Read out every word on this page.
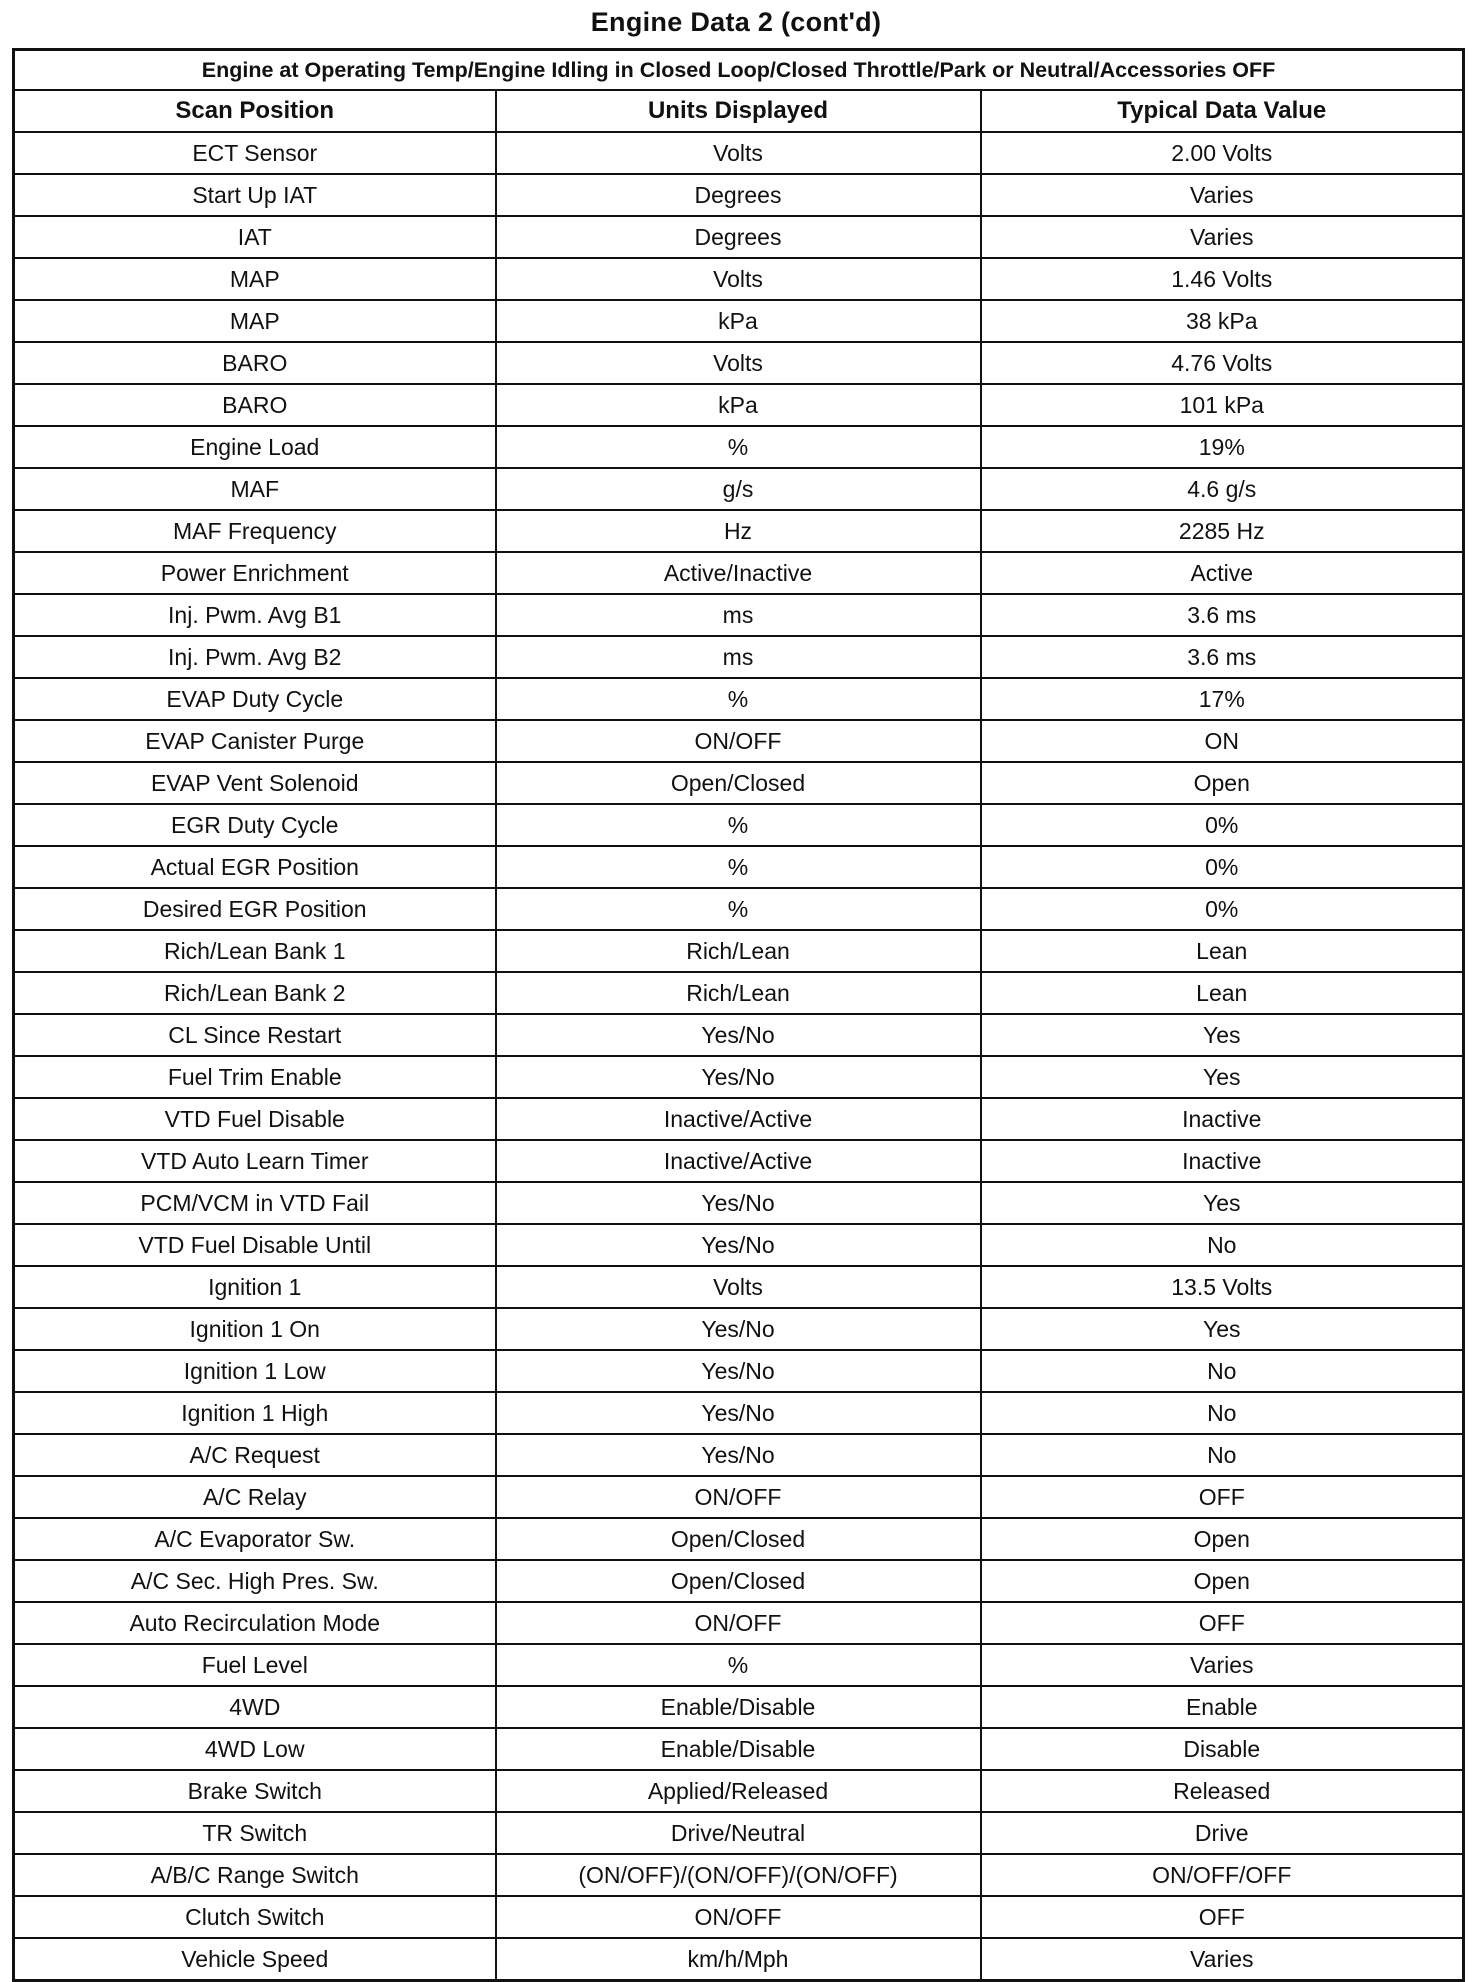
Engine Data 2 (cont'd)
Engine at Operating Temp/Engine Idling in Closed Loop/Closed Throttle/Park or Neutral/Accessories OFF		
Scan Position	Units Displayed	Typical Data Value
ECT Sensor	Volts	2.00 Volts
Start Up IAT	Degrees	Varies
IAT	Degrees	Varies
MAP	Volts	1.46 Volts
MAP	kPa	38 kPa
BARO	Volts	4.76 Volts
BARO	kPa	101 kPa
Engine Load	%	19%
MAF	g/s	4.6 g/s
MAF Frequency	Hz	2285 Hz
Power Enrichment	Active/Inactive	Active
Inj. Pwm. Avg B1	ms	3.6 ms
Inj. Pwm. Avg B2	ms	3.6 ms
EVAP Duty Cycle	%	17%
EVAP Canister Purge	ON/OFF	ON
EVAP Vent Solenoid	Open/Closed	Open
EGR Duty Cycle	%	0%
Actual EGR Position	%	0%
Desired EGR Position	%	0%
Rich/Lean Bank 1	Rich/Lean	Lean
Rich/Lean Bank 2	Rich/Lean	Lean
CL Since Restart	Yes/No	Yes
Fuel Trim Enable	Yes/No	Yes
VTD Fuel Disable	Inactive/Active	Inactive
VTD Auto Learn Timer	Inactive/Active	Inactive
PCM/VCM in VTD Fail	Yes/No	Yes
VTD Fuel Disable Until	Yes/No	No
Ignition 1	Volts	13.5 Volts
Ignition 1 On	Yes/No	Yes
Ignition 1 Low	Yes/No	No
Ignition 1 High	Yes/No	No
A/C Request	Yes/No	No
A/C Relay	ON/OFF	OFF
A/C Evaporator Sw.	Open/Closed	Open
A/C Sec. High Pres. Sw.	Open/Closed	Open
Auto Recirculation Mode	ON/OFF	OFF
Fuel Level	%	Varies
4WD	Enable/Disable	Enable
4WD Low	Enable/Disable	Disable
Brake Switch	Applied/Released	Released
TR Switch	Drive/Neutral	Drive
A/B/C Range Switch	(ON/OFF)/(ON/OFF)/(ON/OFF)	ON/OFF/OFF
Clutch Switch	ON/OFF	OFF
Vehicle Speed	km/h/Mph	Varies
